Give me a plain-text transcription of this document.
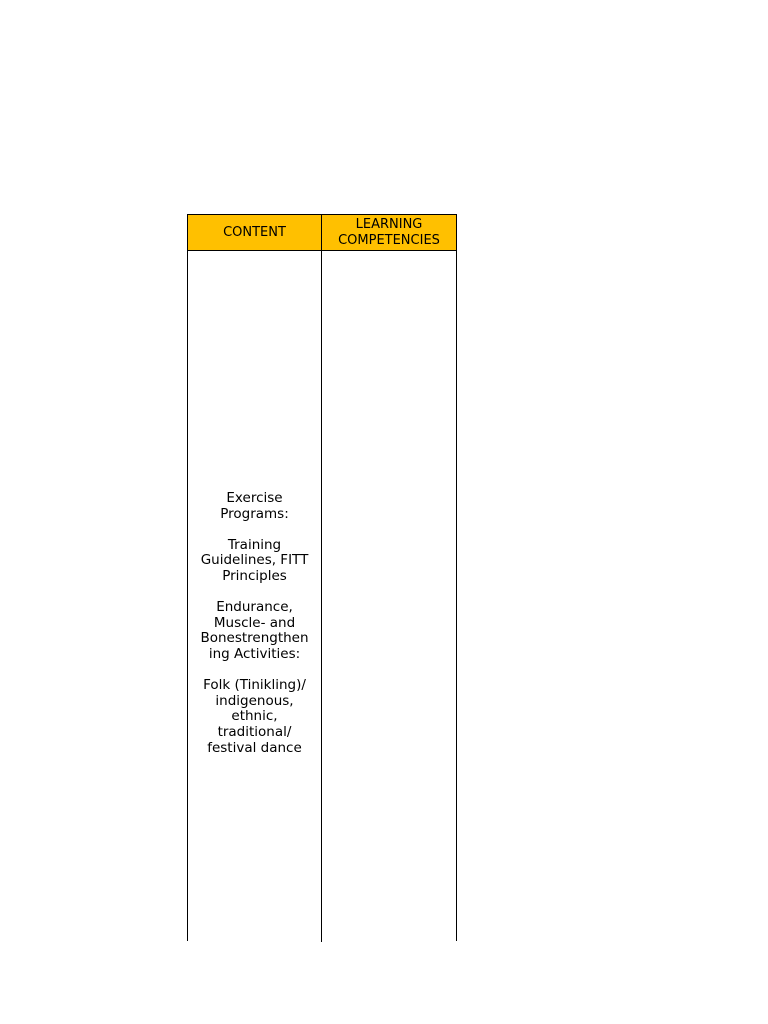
CONTENT
LEARNING
COMPETENCIES
Exercise
Programs:
Training
Guidelines, FITT
Principles
Endurance,
Muscle- and
Bonestrengthen
ing Activities:
Folk (Tinikling)/
indigenous,
ethnic,
traditional/
festival dance
